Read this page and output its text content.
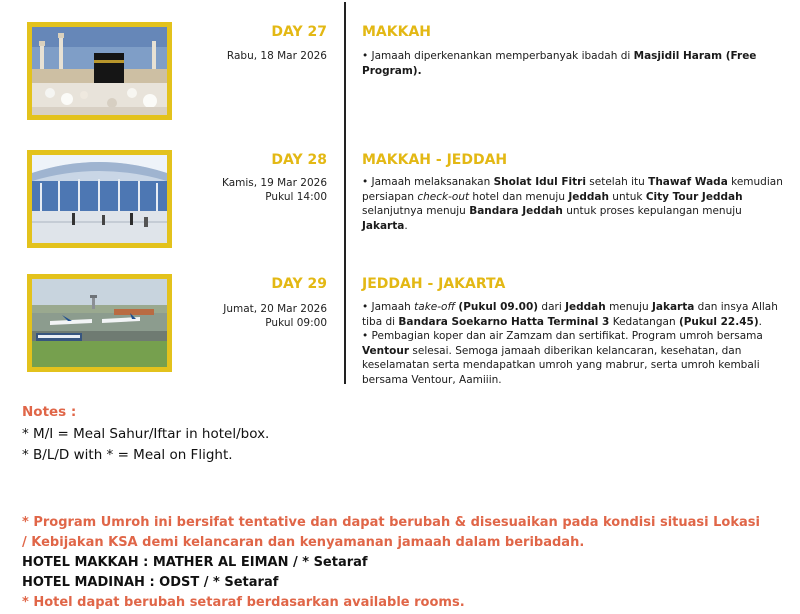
DAY 27
Rabu, 18 Mar 2026
MAKKAH

• Jamaah diperkenankan memperbanyak ibadah di Masjidil Haram (Free Program).

DAY 28
Kamis, 19 Mar 2026
Pukul 14:00
MAKKAH - JEDDAH

• Jamaah melaksanakan Sholat Idul Fitri setelah itu Thawaf Wada kemudian persiapan check-out hotel dan menuju Jeddah untuk City Tour Jeddah selanjutnya menuju Bandara Jeddah untuk proses kepulangan menuju Jakarta.

DAY 29
Jumat, 20 Mar 2026
Pukul 09:00
JEDDAH - JAKARTA

• Jamaah take-off (Pukul 09.00) dari Jeddah menuju Jakarta dan insya Allah tiba di Bandara Soekarno Hatta Terminal 3 Kedatangan (Pukul 22.45).

• Pembagian koper dan air Zamzam dan sertifikat. Program umroh bersama Ventour selesai. Semoga jamaah diberikan kelancaran, kesehatan, dan keselamatan serta mendapatkan umroh yang mabrur, serta umroh kembali bersama Ventour, Aamiiin.

Notes :
* M/I = Meal Sahur/Iftar in hotel/box.
* B/L/D with * = Meal on Flight.
* Program Umroh ini bersifat tentative dan dapat berubah & disesuaikan pada kondisi situasi Lokasi
/ Kebijakan KSA demi kelancaran dan kenyamanan jamaah dalam beribadah.
HOTEL MAKKAH : MATHER AL EIMAN / * Setaraf
HOTEL MADINAH : ODST / * Setaraf
* Hotel dapat berubah setaraf berdasarkan available rooms.
